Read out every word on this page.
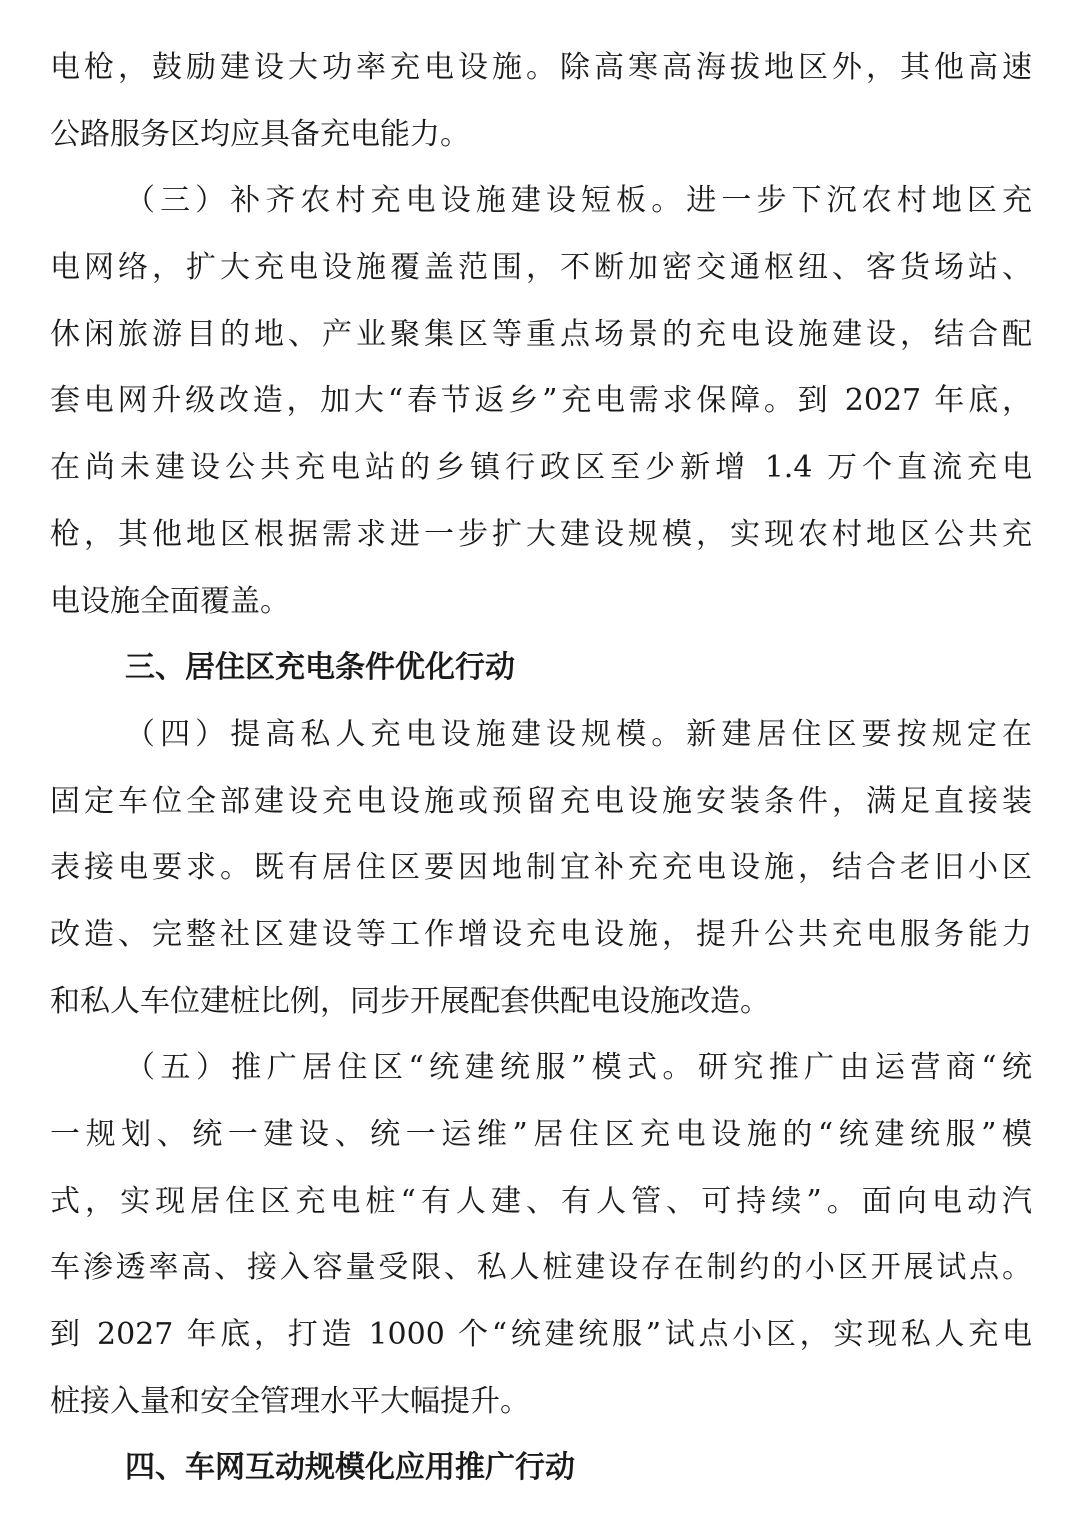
电枪，鼓励建设大功率充电设施。除高寒高海拔地区外，其他高速
公路服务区均应具备充电能力。
（三）补齐农村充电设施建设短板。进一步下沉农村地区充
电网络，扩大充电设施覆盖范围，不断加密交通枢纽、客货场站、
休闲旅游目的地、产业聚集区等重点场景的充电设施建设，结合配
套电网升级改造，加大“春节返乡”充电需求保障。到 2027 年底，
在尚未建设公共充电站的乡镇行政区至少新增 1.4 万个直流充电
枪，其他地区根据需求进一步扩大建设规模，实现农村地区公共充
电设施全面覆盖。
三、居住区充电条件优化行动
（四）提高私人充电设施建设规模。新建居住区要按规定在
固定车位全部建设充电设施或预留充电设施安装条件，满足直接装
表接电要求。既有居住区要因地制宜补充充电设施，结合老旧小区
改造、完整社区建设等工作增设充电设施，提升公共充电服务能力
和私人车位建桩比例，同步开展配套供配电设施改造。
（五）推广居住区“统建统服”模式。研究推广由运营商“统
一规划、统一建设、统一运维”居住区充电设施的“统建统服”模
式，实现居住区充电桩“有人建、有人管、可持续”。面向电动汽
车渗透率高、接入容量受限、私人桩建设存在制约的小区开展试点。
到 2027 年底，打造 1000 个“统建统服”试点小区，实现私人充电
桩接入量和安全管理水平大幅提升。
四、车网互动规模化应用推广行动
